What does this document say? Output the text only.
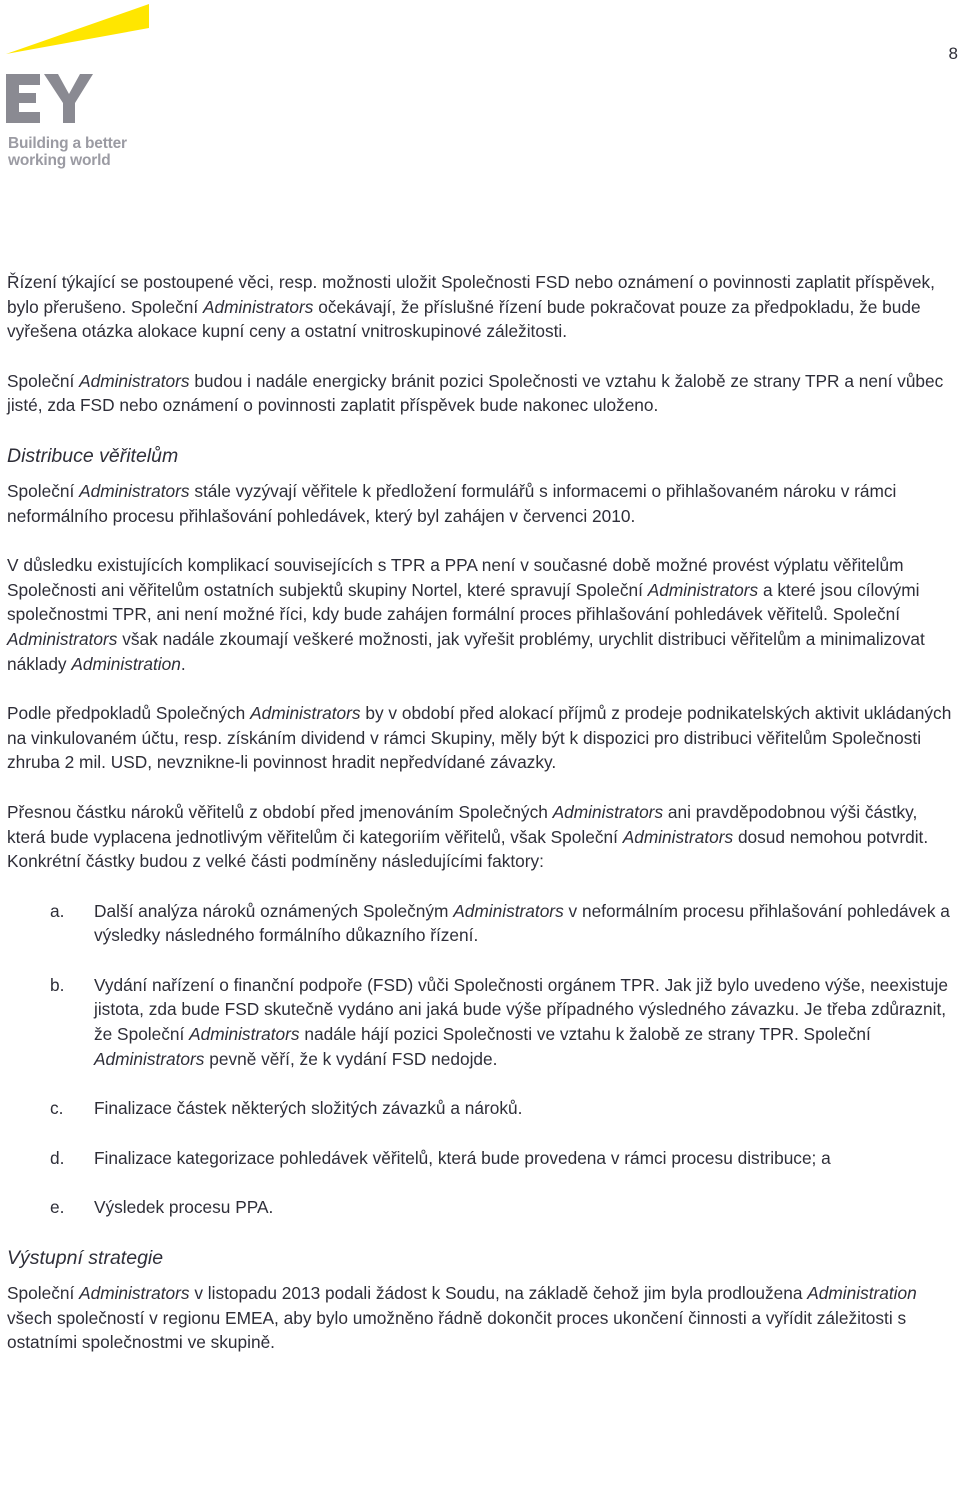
8
Building a better
working world

Řízení týkající se postoupené věci, resp. možnosti uložit Společnosti FSD nebo oznámení o povinnosti zaplatit příspěvek, bylo přerušeno. Společní Administrators očekávají, že příslušné řízení bude pokračovat pouze za předpokladu, že bude vyřešena otázka alokace kupní ceny a ostatní vnitroskupinové záležitosti.

Společní Administrators budou i nadále energicky bránit pozici Společnosti ve vztahu k žalobě ze strany TPR a není vůbec jisté, zda FSD nebo oznámení o povinnosti zaplatit příspěvek bude nakonec uloženo.

Distribuce věřitelům

Společní Administrators stále vyzývají věřitele k předložení formulářů s informacemi o přihlašovaném nároku v rámci neformálního procesu přihlašování pohledávek, který byl zahájen v červenci 2010.

V důsledku existujících komplikací souvisejících s TPR a PPA není v současné době možné provést výplatu věřitelům Společnosti ani věřitelům ostatních subjektů skupiny Nortel, které spravují Společní Administrators a které jsou cílovými společnostmi TPR, ani není možné říci, kdy bude zahájen formální proces přihlašování pohledávek věřitelů. Společní Administrators však nadále zkoumají veškeré možnosti, jak vyřešit problémy, urychlit distribuci věřitelům a minimalizovat náklady Administration.

Podle předpokladů Společných Administrators by v období před alokací příjmů z prodeje podnikatelských aktivit ukládaných na vinkulovaném účtu, resp. získáním dividend v rámci Skupiny, měly být k dispozici pro distribuci věřitelům Společnosti zhruba 2 mil. USD, nevznikne-li povinnost hradit nepředvídané závazky.

Přesnou částku nároků věřitelů z období před jmenováním Společných Administrators ani pravděpodobnou výši částky, která bude vyplacena jednotlivým věřitelům či kategoriím věřitelů, však Společní Administrators dosud nemohou potvrdit. Konkrétní částky budou z velké části podmíněny následujícími faktory:

a.	Další analýza nároků oznámených Společným Administrators v neformálním procesu přihlašování pohledávek a výsledky následného formálního důkazního řízení.
b.	Vydání nařízení o finanční podpoře (FSD) vůči Společnosti orgánem TPR. Jak již bylo uvedeno výše, neexistuje jistota, zda bude FSD skutečně vydáno ani jaká bude výše případného výsledného závazku. Je třeba zdůraznit, že Společní Administrators nadále hájí pozici Společnosti ve vztahu k žalobě ze strany TPR. Společní Administrators pevně věří, že k vydání FSD nedojde.
c.	Finalizace částek některých složitých závazků a nároků.
d.	Finalizace kategorizace pohledávek věřitelů, která bude provedena v rámci procesu distribuce; a
e.	Výsledek procesu PPA.
Výstupní strategie

Společní Administrators v listopadu 2013 podali žádost k Soudu, na základě čehož jim byla prodloužena Administration všech společností v regionu EMEA, aby bylo umožněno řádně dokončit proces ukončení činnosti a vyřídit záležitosti s ostatními společnostmi ve skupině.
